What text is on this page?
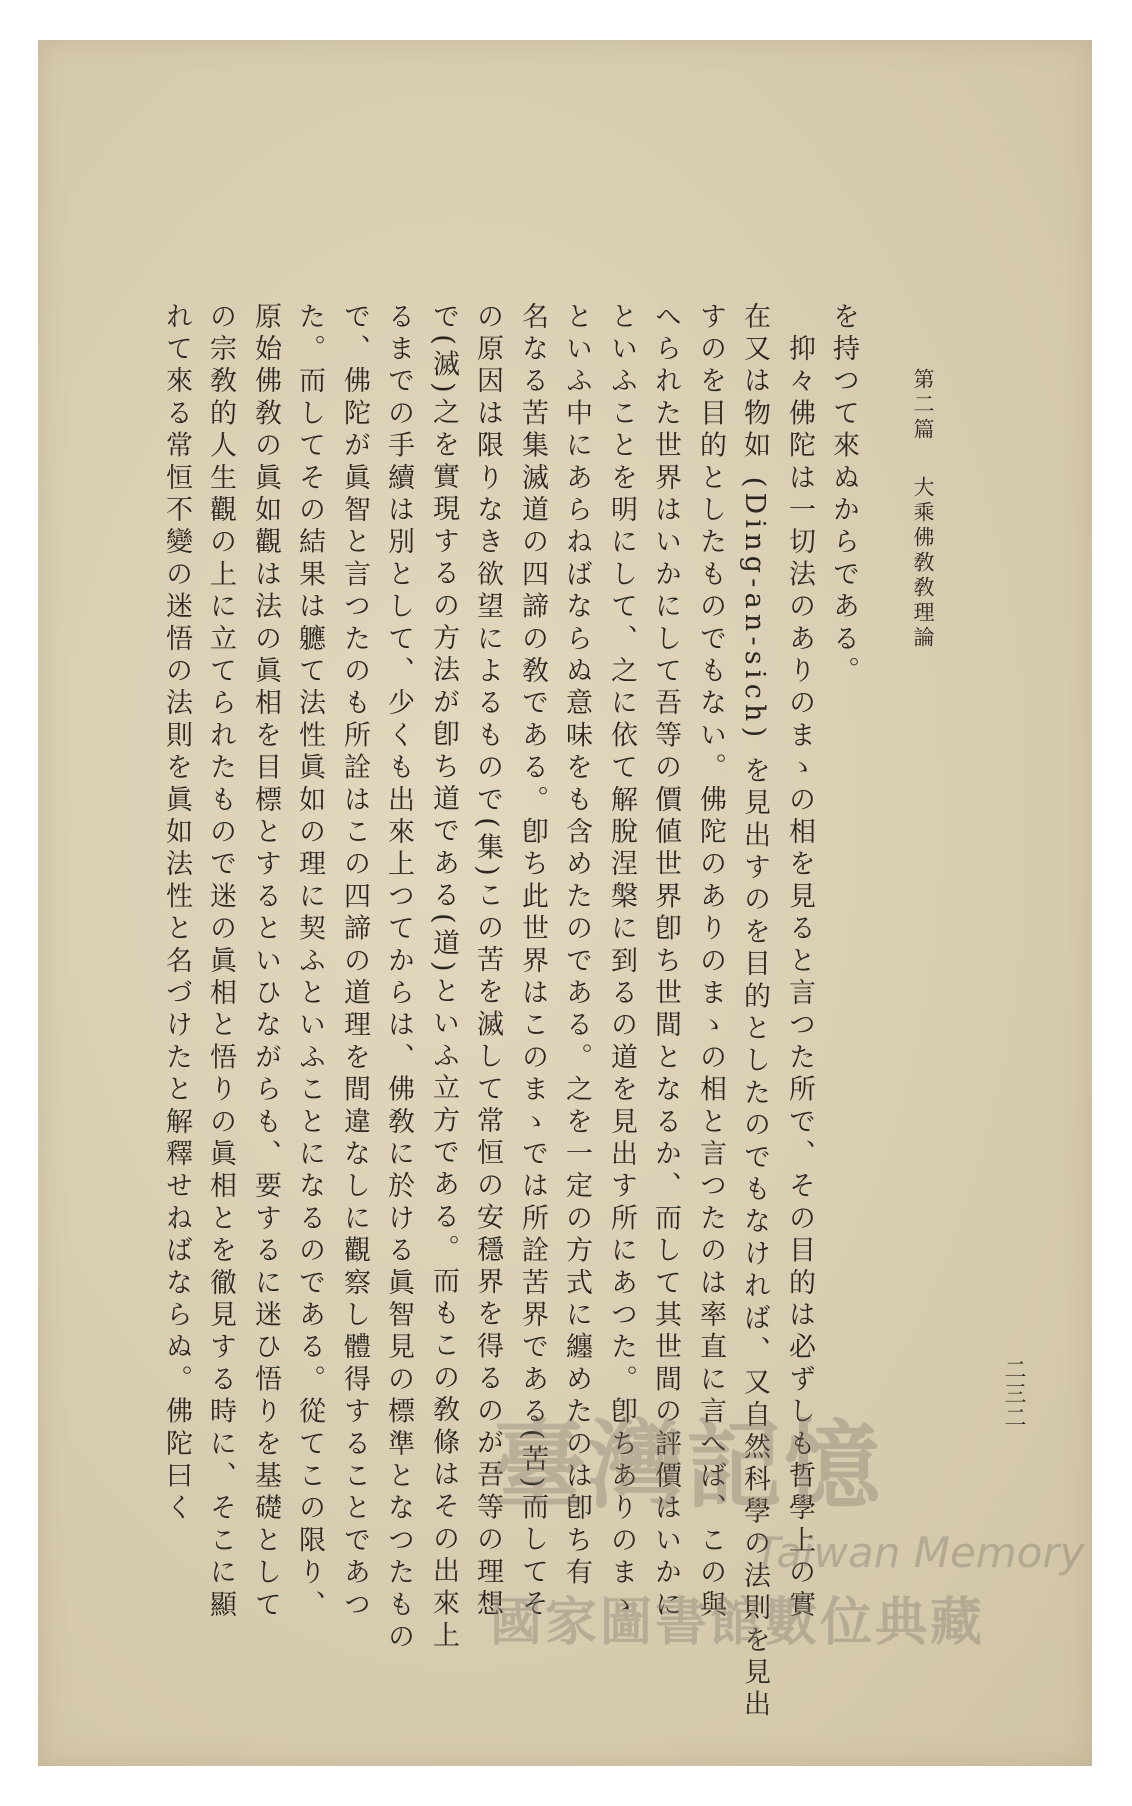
第二篇
大乘佛敎敎理論
を持つて來ぬからである。
　抑々佛陀は一切法のありのまゝの相を見ると言つた所で、その目的は必ずしも哲學上の實
在又は物如 (Ding-an-sich) を見出すのを目的としたのでもなければ、又自然科學の法則を見出
すのを目的としたものでもない。佛陀のありのまゝの相と言つたのは率直に言へば、この與
へられた世界はいかにして吾等の價値世界卽ち世間となるか、而して其世間の評價はいかに
といふことを明にして、之に依て解脫涅槃に到るの道を見出す所にあつた。卽ちありのまゝ
といふ中にあらねばならぬ意味をも含めたのである。之を一定の方式に纏めたのは卽ち有
名なる苦集滅道の四諦の敎である。卽ち此世界はこのまゝでは所詮苦界である(苦)而してそ
の原因は限りなき欲望によるもので(集)この苦を滅して常恒の安穩界を得るのが吾等の理想
で(滅)之を實現するの方法が卽ち道である(道)といふ立方である。而もこの敎條はその出來上
るまでの手續は別として、少くも出來上つてからは、佛敎に於ける眞智見の標準となつたもの
で、佛陀が眞智と言つたのも所詮はこの四諦の道理を間違なしに觀察し體得することであつ
た。而してその結果は軈て法性眞如の理に契ふといふことになるのである。從てこの限り、
原始佛敎の眞如觀は法の眞相を目標とするといひながらも、要するに迷ひ悟りを基礎として
の宗敎的人生觀の上に立てられたもので迷の眞相と悟りの眞相とを徹見する時に、そこに顯
れて來る常恒不變の迷悟の法則を眞如法性と名づけたと解釋せねばならぬ。佛陀曰く	二三二
臺灣記憶
Taiwan Memory
國家圖書館數位典藏
